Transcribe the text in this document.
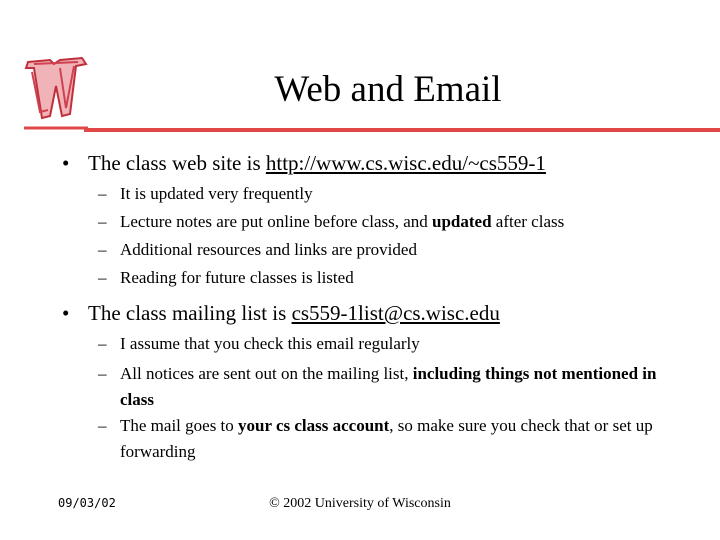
Web and Email
• The class web site is http://www.cs.wisc.edu/~cs559-1
– It is updated very frequently
– Lecture notes are put online before class, and updated after class
– Additional resources and links are provided
– Reading for future classes is listed
• The class mailing list is cs559-1list@cs.wisc.edu
– I assume that you check this email regularly
– All notices are sent out on the mailing list, including things not mentioned in class
– The mail goes to your cs class account, so make sure you check that or set up forwarding
09/03/02	© 2002 University of Wisconsin
